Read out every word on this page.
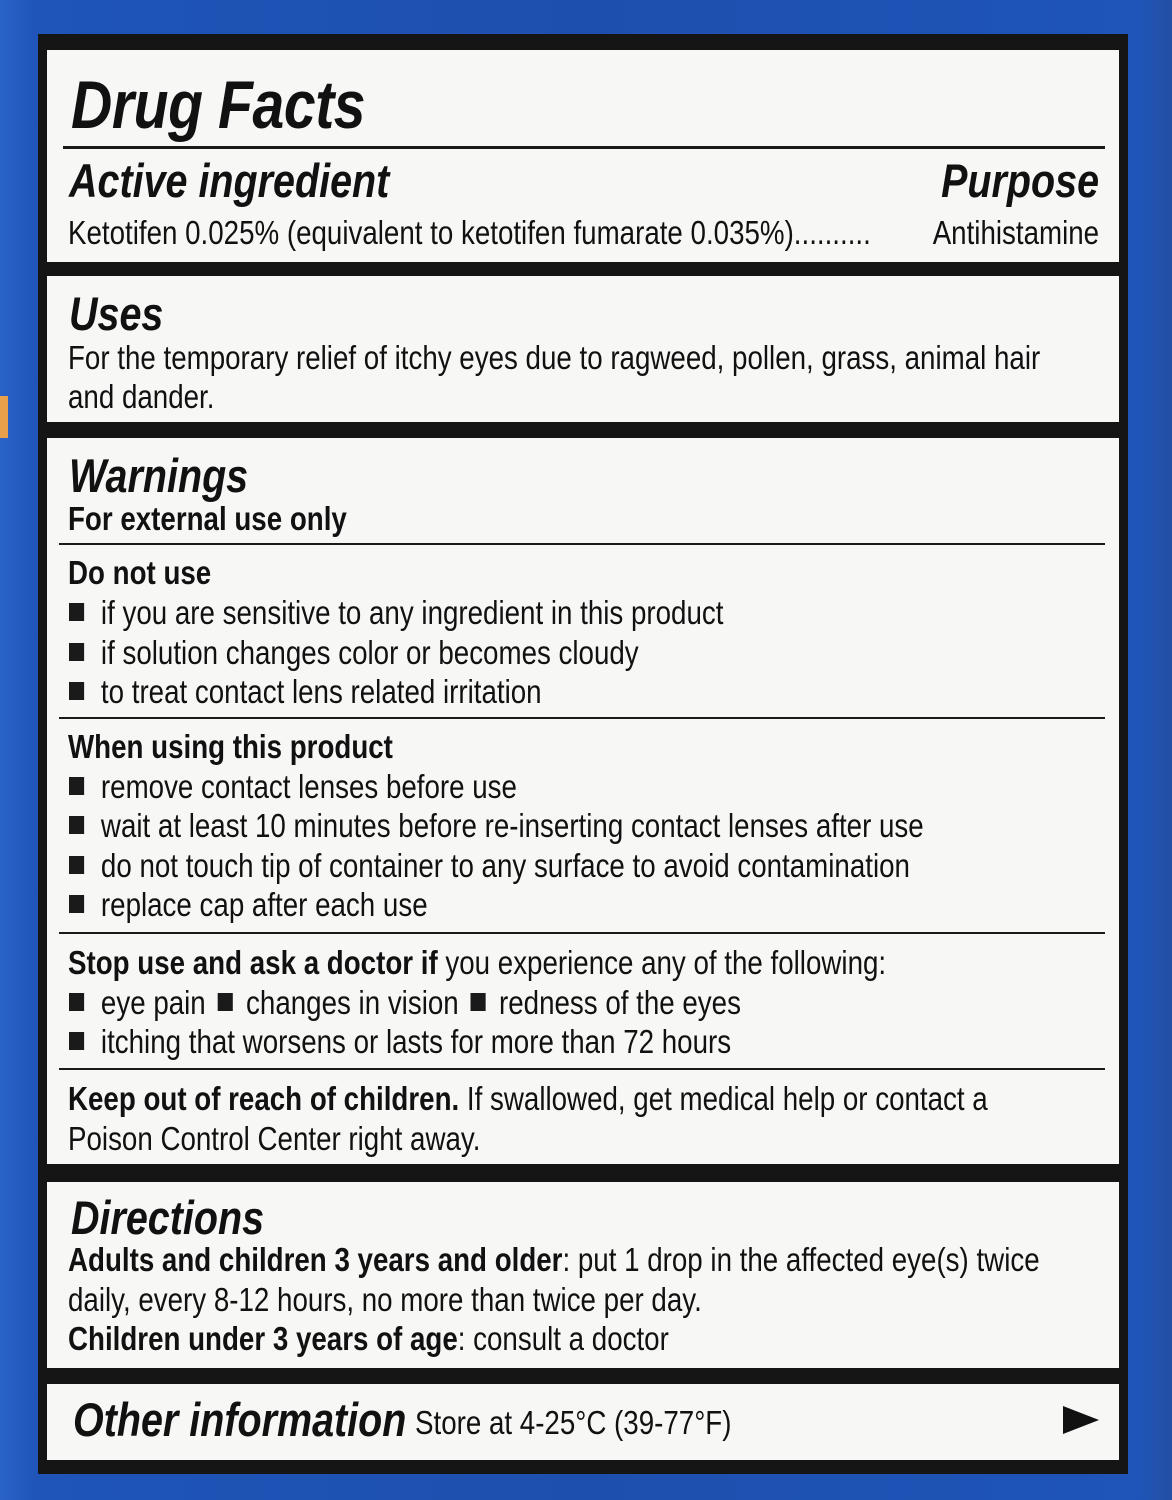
Drug Facts
Active ingredient	Purpose
Ketotifen 0.025% (equivalent to ketotifen fumarate 0.035%)..........	Antihistamine
Uses
For the temporary relief of itchy eyes due to ragweed, pollen, grass, animal hair
and dander.
Warnings
For external use only
Do not use
if you are sensitive to any ingredient in this product
if solution changes color or becomes cloudy
to treat contact lens related irritation
When using this product
remove contact lenses before use
wait at least 10 minutes before re-inserting contact lenses after use
do not touch tip of container to any surface to avoid contamination
replace cap after each use
Stop use and ask a doctor if you experience any of the following:
eye pain changes in vision redness of the eyes
itching that worsens or lasts for more than 72 hours
Keep out of reach of children. If swallowed, get medical help or contact a
Poison Control Center right away.
Directions
Adults and children 3 years and older: put 1 drop in the affected eye(s) twice
daily, every 8-12 hours, no more than twice per day.
Children under 3 years of age: consult a doctor
Other information Store at 4-25°C (39-77°F)
